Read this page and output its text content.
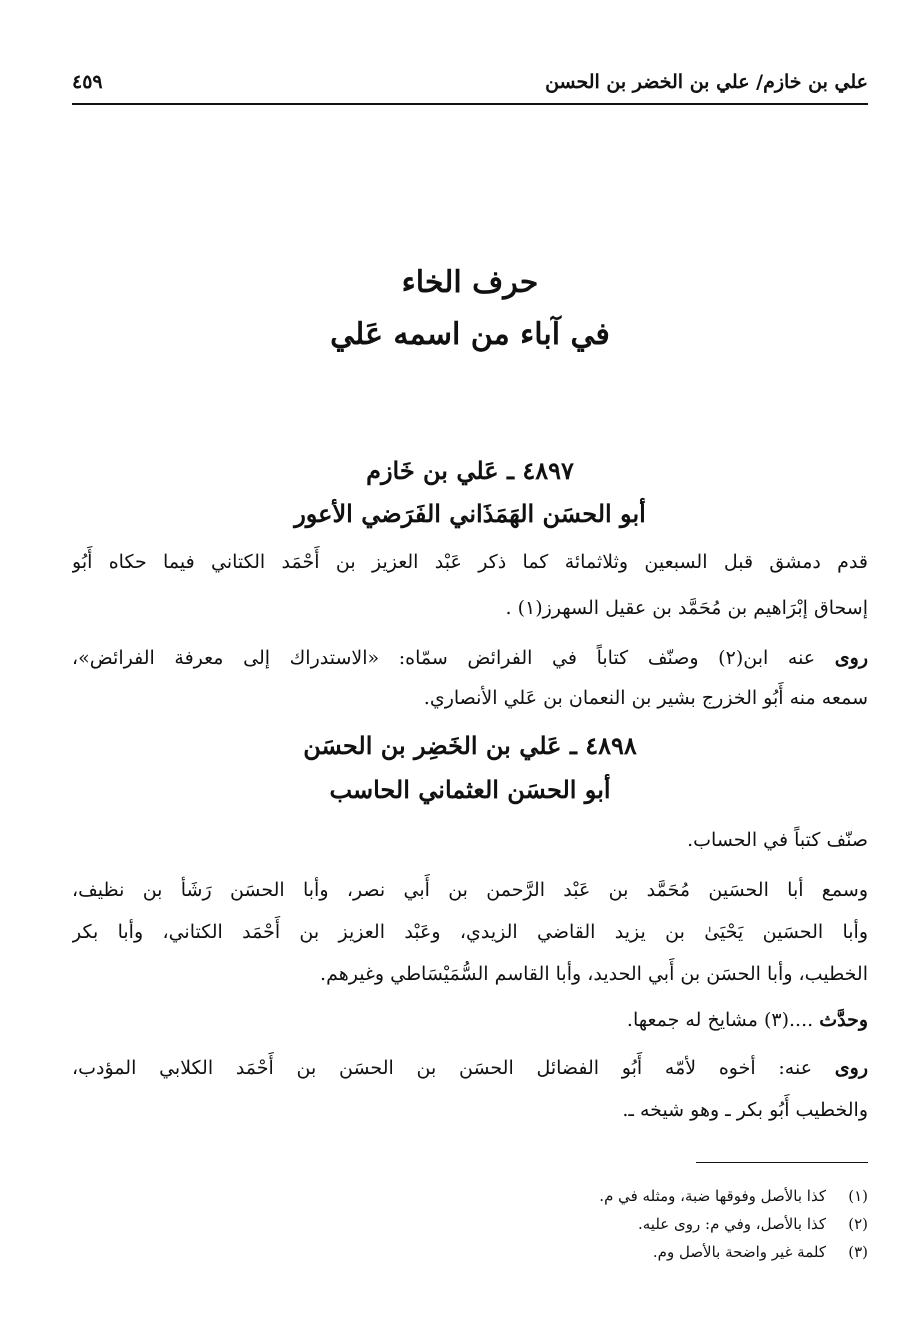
علي بن خازم/ علي بن الخضر بن الحسن
٤٥٩
حرف الخاء
في آباء من اسمه عَلي
٤٨٩٧ ـ عَلي بن خَازم
أبو الحسَن الهَمَذَاني الفَرَضي الأعور
قدم دمشق قبل السبعين وثلاثمائة كما ذكر عَبْد العزيز بن أَحْمَد الكتاني فيما حكاه أَبُو
إسحاق إبْرَاهيم بن مُحَمَّد بن عقيل السهرز(١) .
روى عنه ابن(٢) وصنّف كتاباً في الفرائض سمّاه: «الاستدراك إلى معرفة الفرائض»،
سمعه منه أَبُو الخزرج بشير بن النعمان بن عَلي الأنصاري.
٤٨٩٨ ـ عَلي بن الخَضِر بن الحسَن
أبو الحسَن العثماني الحاسب
صنّف كتباً في الحساب.
وسمع أبا الحسَين مُحَمَّد بن عَبْد الرَّحمن بن أَبي نصر، وأبا الحسَن رَشَأ بن نظيف،
وأبا الحسَين يَحْيَىٰ بن يزيد القاضي الزيدي، وعَبْد العزيز بن أَحْمَد الكتاني، وأبا بكر
الخطيب، وأبا الحسَن بن أَبي الحديد، وأبا القاسم السُّمَيْسَاطي وغيرهم.
وحدَّث ....(٣) مشايخ له جمعها.
روى عنه: أخوه لأمّه أَبُو الفضائل الحسَن بن الحسَن بن أَحْمَد الكلابي المؤدب،
والخطيب أَبُو بكر ـ وهو شيخه ـ.
(١)كذا بالأصل وفوقها ضبة، ومثله في م.
(٢)كذا بالأصل، وفي م: روى عليه.
(٣)كلمة غير واضحة بالأصل وم.
